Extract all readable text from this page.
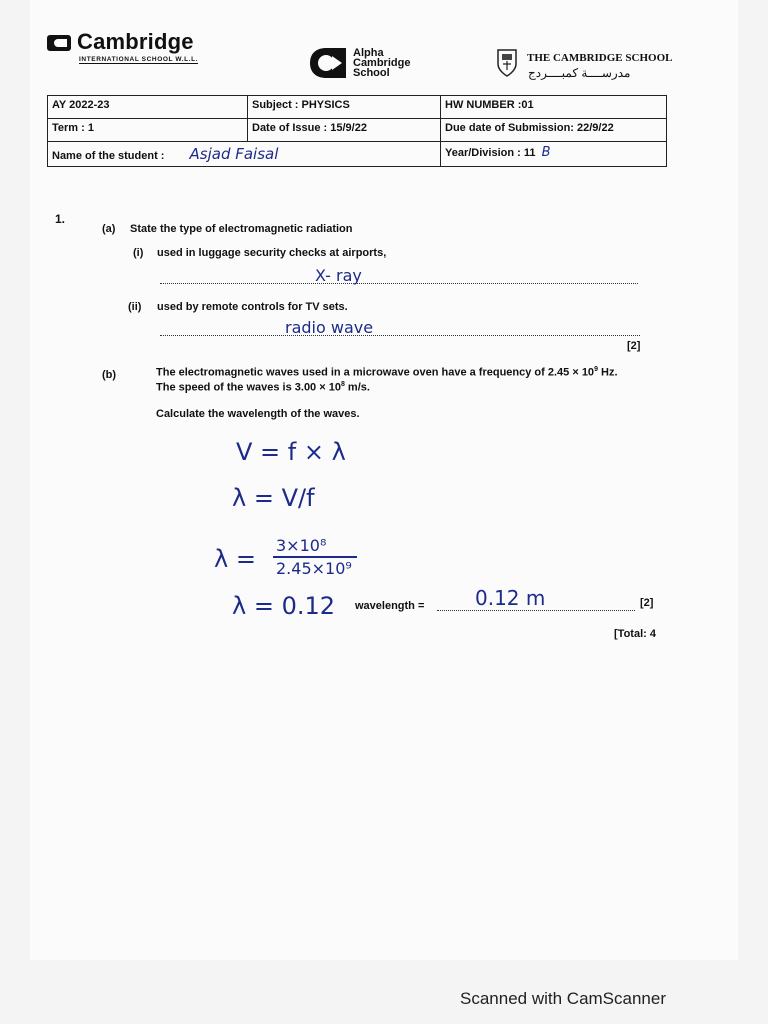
Cambridge
INTERNATIONAL SCHOOL W.L.L.
Alpha
Cambridge
School
THE CAMBRIDGE SCHOOL
مدرســــة كمبــــردج
AY 2022-23	Subject : PHYSICS	HW NUMBER :01
Term : 1	Date of Issue : 15/9/22	Due date of Submission: 22/9/22
Name of the student : Asjad Faisal		Year/Division : 11 B
1.
(a) State the type of electromagnetic radiation
(i) used in luggage security checks at airports,
X- ray
(ii) used by remote controls for TV sets.
radio wave
[2]
(b)	The electromagnetic waves used in a microwave oven have a frequency of $2.45 \times 10^9$ Hz.
The speed of the waves is $3.00 \times 10^8$ m/s.
Calculate the wavelength of the waves.
V = f × λ
λ = V/f
λ = 3×10⁸
2.45×10⁹
λ = 0.12 wavelength =	0.12 m	[2]
[Total: 4
Scanned with CamScanner
